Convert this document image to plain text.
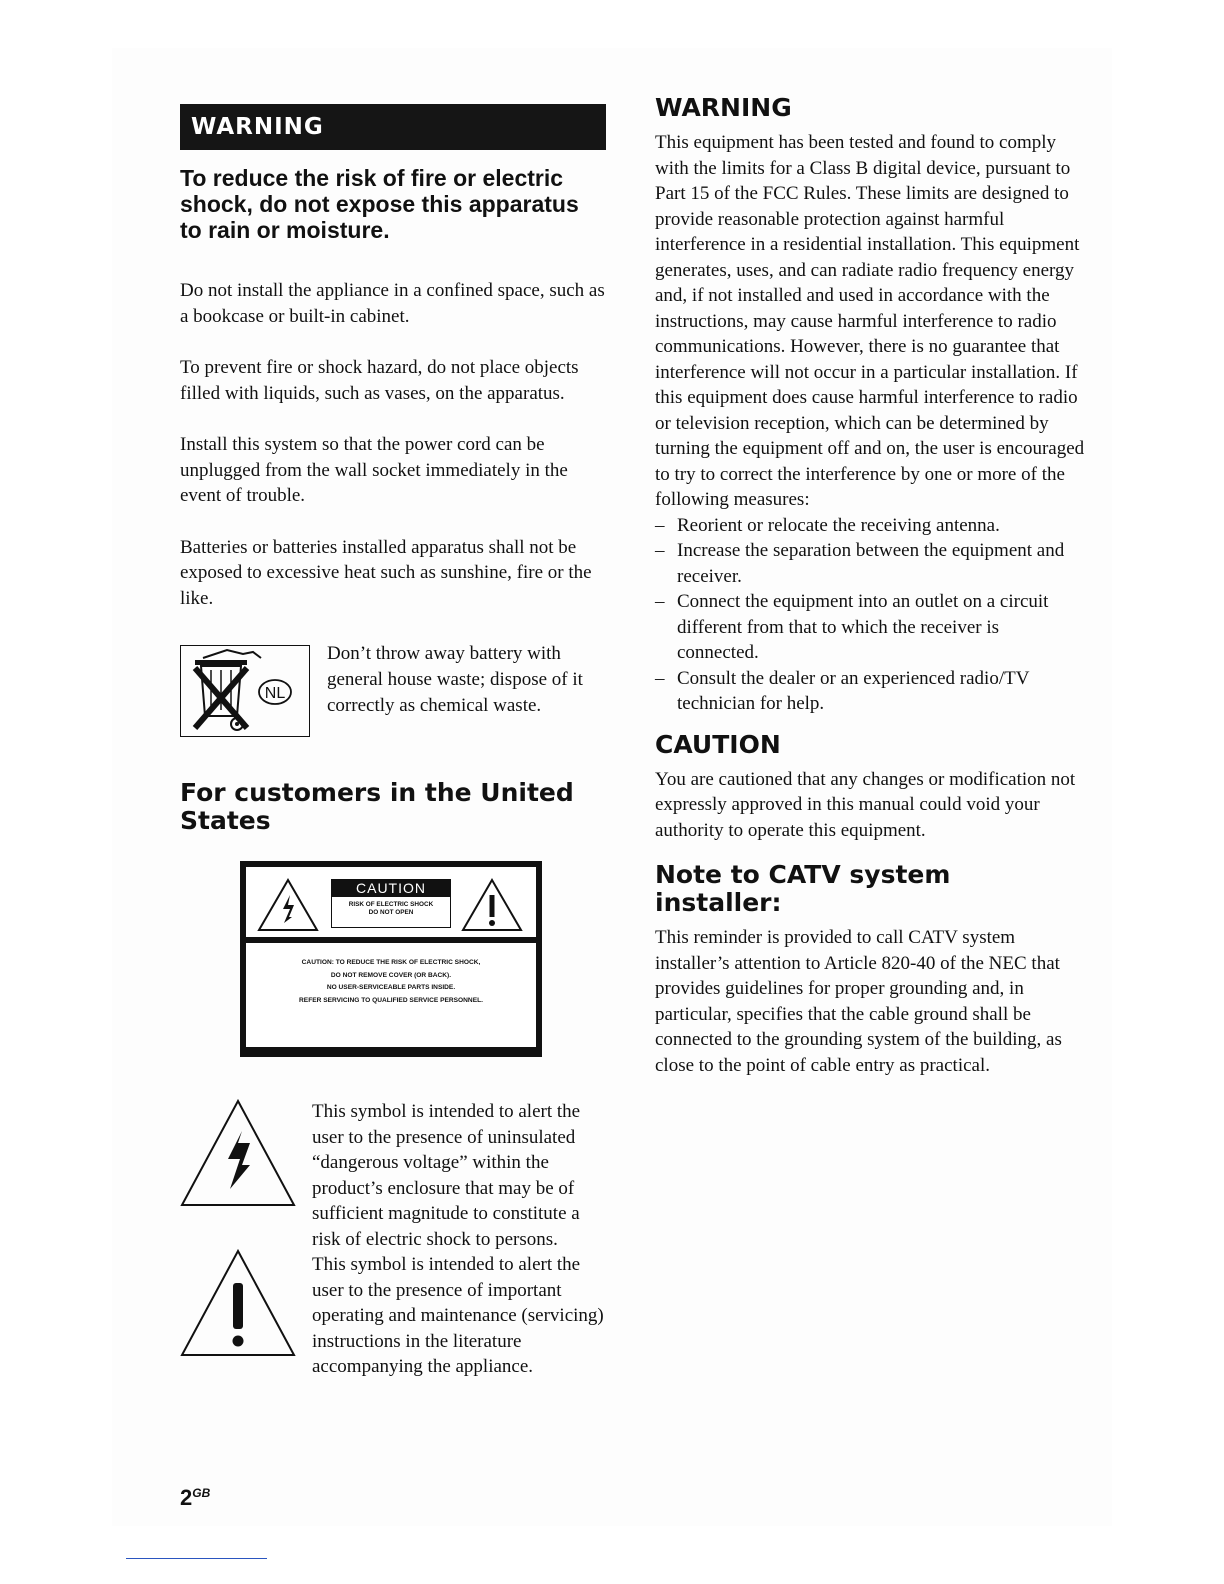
WARNING
To reduce the risk of fire or electric shock, do not expose this apparatus to rain or moisture.

Do not install the appliance in a confined space, such as a bookcase or built-in cabinet.

To prevent fire or shock hazard, do not place objects filled with liquids, such as vases, on the apparatus.

Install this system so that the power cord can be unplugged from the wall socket immediately in the event of trouble.

Batteries or batteries installed apparatus shall not be exposed to excessive heat such as sunshine, fire or the like.

NL
Don’t throw away battery with general house waste; dispose of it correctly as chemical waste.
For customers in the United States
CAUTION
RISK OF ELECTRIC SHOCK
DO NOT OPEN
CAUTION: TO REDUCE THE RISK OF ELECTRIC SHOCK,
DO NOT REMOVE COVER (OR BACK).
NO USER-SERVICEABLE PARTS INSIDE.
REFER SERVICING TO QUALIFIED SERVICE PERSONNEL.
This symbol is intended to alert the user to the presence of uninsulated “dangerous voltage” within the product’s enclosure that may be of sufficient magnitude to constitute a risk of electric shock to persons.
This symbol is intended to alert the user to the presence of important operating and maintenance (servicing) instructions in the literature accompanying the appliance.
WARNING

This equipment has been tested and found to comply with the limits for a Class B digital device, pursuant to Part 15 of the FCC Rules. These limits are designed to provide reasonable protection against harmful interference in a residential installation. This equipment generates, uses, and can radiate radio frequency energy and, if not installed and used in accordance with the instructions, may cause harmful interference to radio communications. However, there is no guarantee that interference will not occur in a particular installation. If this equipment does cause harmful interference to radio or television reception, which can be determined by turning the equipment off and on, the user is encouraged to try to correct the interference by one or more of the following measures:

– Reorient or relocate the receiving antenna.
– Increase the separation between the equipment and receiver.
– Connect the equipment into an outlet on a circuit different from that to which the receiver is connected.
– Consult the dealer or an experienced radio/TV technician for help.
CAUTION

You are cautioned that any changes or modification not expressly approved in this manual could void your authority to operate this equipment.

Note to CATV system installer:

This reminder is provided to call CATV system installer’s attention to Article 820-40 of the NEC that provides guidelines for proper grounding and, in particular, specifies that the cable ground shall be connected to the grounding system of the building, as close to the point of cable entry as practical.

$2^{GB}$
